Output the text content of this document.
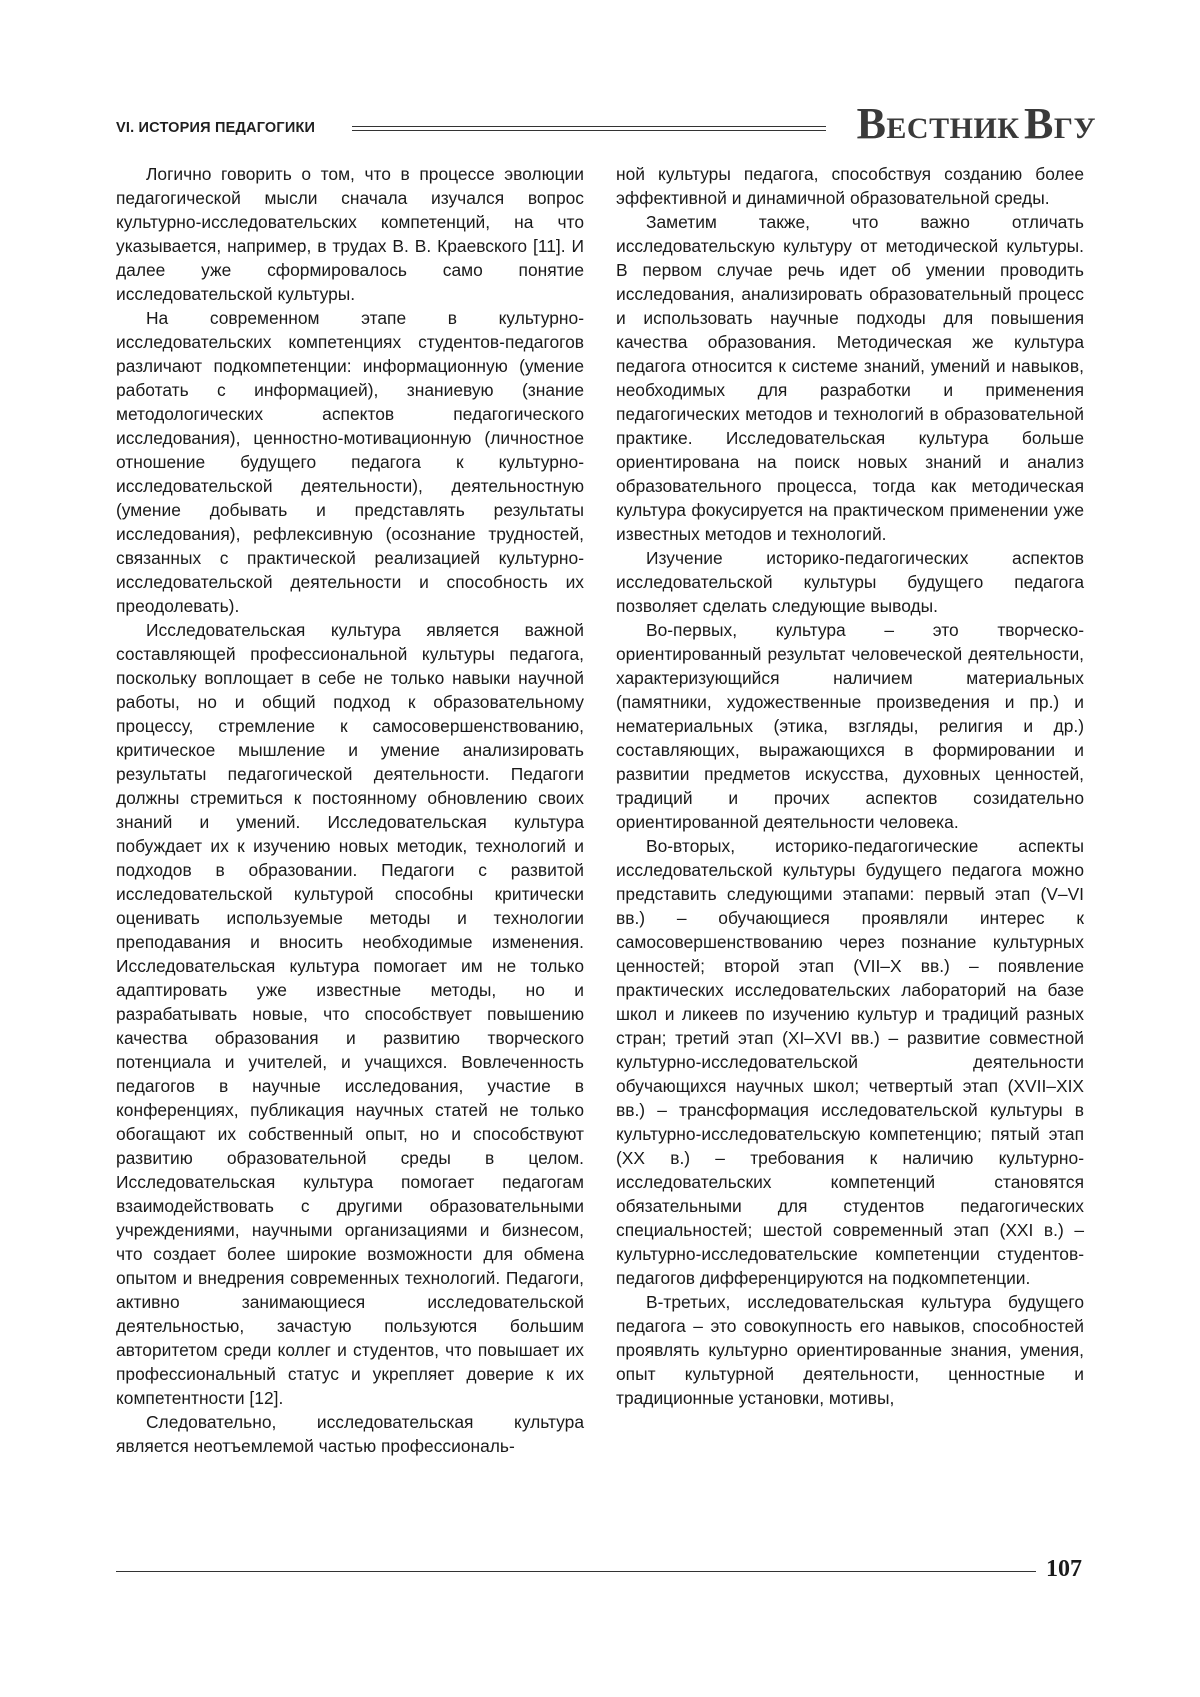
VI. ИСТОРИЯ ПЕДАГОГИКИ	ВЕСТНИК ВГУ

Логично говорить о том, что в процессе эволюции педагогической мысли сначала изучался вопрос культурно-исследовательских компетенций, на что указывается, например, в трудах В. В. Краевского [11]. И далее уже сформировалось само понятие исследовательской культуры.

На современном этапе в культурно-исследовательских компетенциях студентов-педагогов различают подкомпетенции: информационную (умение работать с информацией), знаниевую (знание методологических аспектов педагогического исследования), ценностно-мотивационную (личностное отношение будущего педагога к культурно-исследовательской деятельности), деятельностную (умение добывать и представлять результаты исследования), рефлексивную (осознание трудностей, связанных с практической реализацией культурно-исследовательской деятельности и способность их преодолевать).

Исследовательская культура является важной составляющей профессиональной культуры педагога, поскольку воплощает в себе не только навыки научной работы, но и общий подход к образовательному процессу, стремление к самосовершенствованию, критическое мышление и умение анализировать результаты педагогической деятельности. Педагоги должны стремиться к постоянному обновлению своих знаний и умений. Исследовательская культура побуждает их к изучению новых методик, технологий и подходов в образовании. Педагоги с развитой исследовательской культурой способны критически оценивать используемые методы и технологии преподавания и вносить необходимые изменения. Исследовательская культура помогает им не только адаптировать уже известные методы, но и разрабатывать новые, что способствует повышению качества образования и развитию творческого потенциала и учителей, и учащихся. Вовлеченность педагогов в научные исследования, участие в конференциях, публикация научных статей не только обогащают их собственный опыт, но и способствуют развитию образовательной среды в целом. Исследовательская культура помогает педагогам взаимодействовать с другими образовательными учреждениями, научными организациями и бизнесом, что создает более широкие возможности для обмена опытом и внедрения современных технологий. Педагоги, активно занимающиеся исследовательской деятельностью, зачастую пользуются большим авторитетом среди коллег и студентов, что повышает их профессиональный статус и укрепляет доверие к их компетентности [12].

Следовательно, исследовательская культура является неотъемлемой частью профессиональ-

ной культуры педагога, способствуя созданию более эффективной и динамичной образовательной среды.

Заметим также, что важно отличать исследовательскую культуру от методической культуры. В первом случае речь идет об умении проводить исследования, анализировать образовательный процесс и использовать научные подходы для повышения качества образования. Методическая же культура педагога относится к системе знаний, умений и навыков, необходимых для разработки и применения педагогических методов и технологий в образовательной практике. Исследовательская культура больше ориентирована на поиск новых знаний и анализ образовательного процесса, тогда как методическая культура фокусируется на практическом применении уже известных методов и технологий.

Изучение историко-педагогических аспектов исследовательской культуры будущего педагога позволяет сделать следующие выводы.

Во-первых, культура – это творческо-ориентированный результат человеческой деятельности, характеризующийся наличием материальных (памятники, художественные произведения и пр.) и нематериальных (этика, взгляды, религия и др.) составляющих, выражающихся в формировании и развитии предметов искусства, духовных ценностей, традиций и прочих аспектов созидательно ориентированной деятельности человека.

Во-вторых, историко-педагогические аспекты исследовательской культуры будущего педагога можно представить следующими этапами: первый этап (V–VI вв.) – обучающиеся проявляли интерес к самосовершенствованию через познание культурных ценностей; второй этап (VII–X вв.) – появление практических исследовательских лабораторий на базе школ и ликеев по изучению культур и традиций разных стран; третий этап (XI–XVI вв.) – развитие совместной культурно-исследовательской деятельности обучающихся научных школ; четвертый этап (XVII–XIX вв.) – трансформация исследовательской культуры в культурно-исследовательскую компетенцию; пятый этап (XX в.) – требования к наличию культурно-исследовательских компетенций становятся обязательными для студентов педагогических специальностей; шестой современный этап (XXI в.) – культурно-исследовательские компетенции студентов-педагогов дифференцируются на подкомпетенции.

В-третьих, исследовательская культура будущего педагога – это совокупность его навыков, способностей проявлять культурно ориентированные знания, умения, опыт культурной деятельности, ценностные и традиционные установки, мотивы,

107
